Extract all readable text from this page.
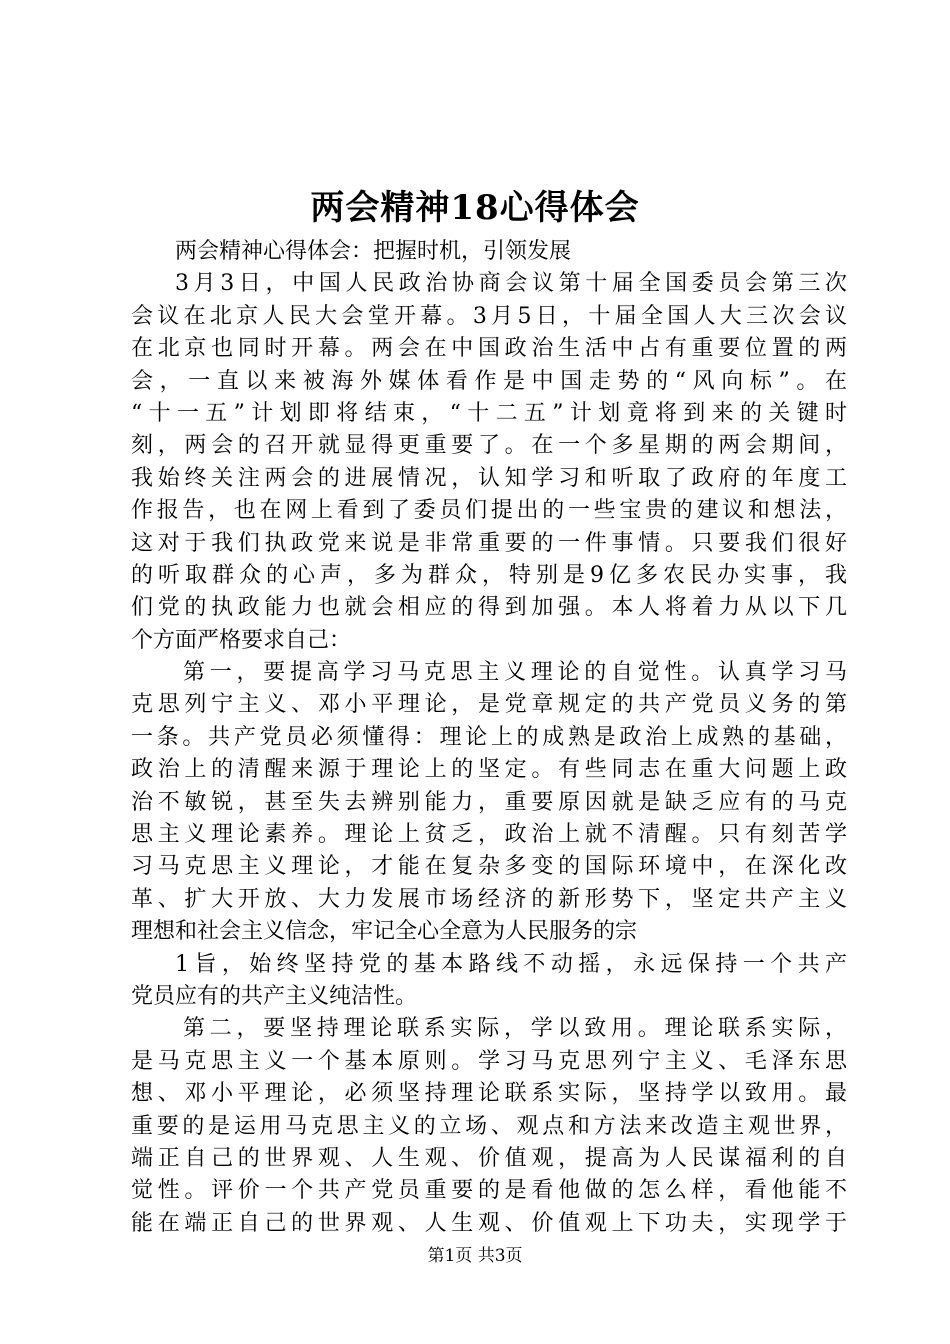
两会精神18心得体会
两会精神心得体会：把握时机，引领发展
3月3日，中国人民政治协商会议第十届全国委员会第三次
会议在北京人民大会堂开幕。3月5日，十届全国人大三次会议
在北京也同时开幕。两会在中国政治生活中占有重要位置的两
会，一直以来被海外媒体看作是中国走势的“风向标”。在
“十一五”计划即将结束，“十二五”计划竟将到来的关键时
刻，两会的召开就显得更重要了。在一个多星期的两会期间，
我始终关注两会的进展情况，认知学习和听取了政府的年度工
作报告，也在网上看到了委员们提出的一些宝贵的建议和想法，
这对于我们执政党来说是非常重要的一件事情。只要我们很好
的听取群众的心声，多为群众，特别是9亿多农民办实事，我
们党的执政能力也就会相应的得到加强。本人将着力从以下几
个方面严格要求自己：
第一，要提高学习马克思主义理论的自觉性。认真学习马
克思列宁主义、邓小平理论，是党章规定的共产党员义务的第
一条。共产党员必须懂得：理论上的成熟是政治上成熟的基础，
政治上的清醒来源于理论上的坚定。有些同志在重大问题上政
治不敏锐，甚至失去辨别能力，重要原因就是缺乏应有的马克
思主义理论素养。理论上贫乏，政治上就不清醒。只有刻苦学
习马克思主义理论，才能在复杂多变的国际环境中，在深化改
革、扩大开放、大力发展市场经济的新形势下，坚定共产主义
理想和社会主义信念，牢记全心全意为人民服务的宗
1旨，始终坚持党的基本路线不动摇，永远保持一个共产
党员应有的共产主义纯洁性。
第二，要坚持理论联系实际，学以致用。理论联系实际，
是马克思主义一个基本原则。学习马克思列宁主义、毛泽东思
想、邓小平理论，必须坚持理论联系实际，坚持学以致用。最
重要的是运用马克思主义的立场、观点和方法来改造主观世界，
端正自己的世界观、人生观、价值观，提高为人民谋福利的自
觉性。评价一个共产党员重要的是看他做的怎么样，看他能不
能在端正自己的世界观、人生观、价值观上下功夫，实现学于
第1页 共3页
